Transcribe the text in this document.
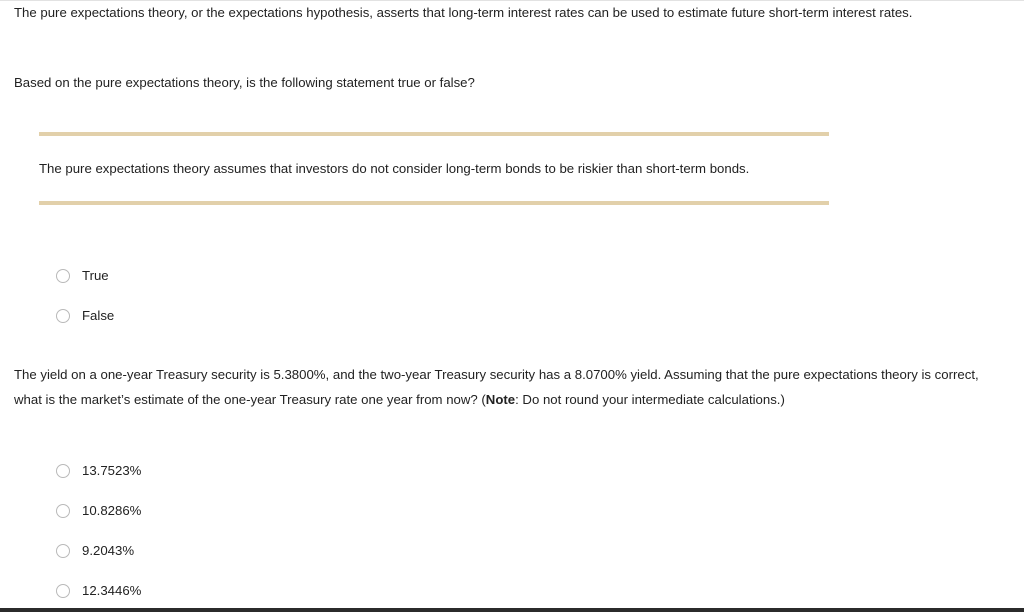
The pure expectations theory, or the expectations hypothesis, asserts that long-term interest rates can be used to estimate future short-term interest rates.

Based on the pure expectations theory, is the following statement true or false?

The pure expectations theory assumes that investors do not consider long-term bonds to be riskier than short-term bonds.

True
False

The yield on a one-year Treasury security is 5.3800%, and the two-year Treasury security has a 8.0700% yield. Assuming that the pure expectations theory is correct, what is the market’s estimate of the one-year Treasury rate one year from now? (Note: Do not round your intermediate calculations.)

13.7523%
10.8286%
9.2043%
12.3446%
